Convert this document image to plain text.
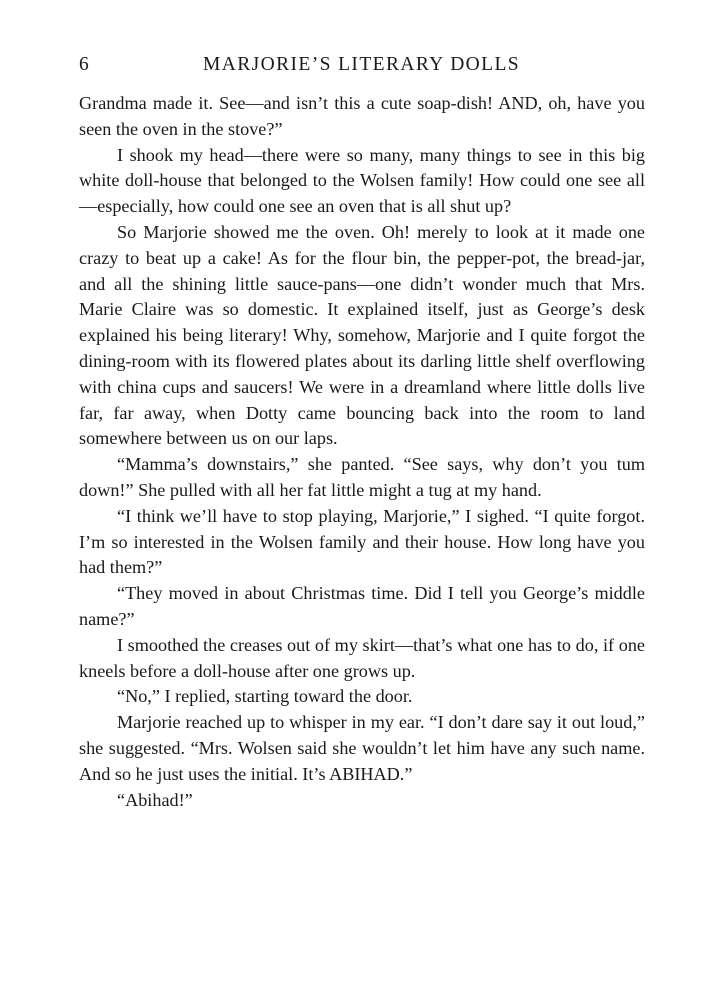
6	MARJORIE’S LITERARY DOLLS

Grandma made it. See—and isn’t this a cute soap-dish! AND, oh, have you seen the oven in the stove?”

I shook my head—there were so many, many things to see in this big white doll-house that belonged to the Wolsen family! How could one see all—especially, how could one see an oven that is all shut up?

So Marjorie showed me the oven. Oh! merely to look at it made one crazy to beat up a cake! As for the flour bin, the pepper-pot, the bread-jar, and all the shining little sauce-pans—one didn’t wonder much that Mrs. Marie Claire was so domestic. It explained itself, just as George’s desk explained his being literary! Why, somehow, Marjorie and I quite forgot the dining-room with its flowered plates about its darling little shelf overflowing with china cups and saucers! We were in a dreamland where little dolls live far, far away, when Dotty came bouncing back into the room to land somewhere between us on our laps.

“Mamma’s downstairs,” she panted. “See says, why don’t you tum down!” She pulled with all her fat little might a tug at my hand.

“I think we’ll have to stop playing, Marjorie,” I sighed. “I quite forgot. I’m so interested in the Wolsen family and their house. How long have you had them?”

“They moved in about Christmas time. Did I tell you George’s middle name?”

I smoothed the creases out of my skirt—that’s what one has to do, if one kneels before a doll-house after one grows up.

“No,” I replied, starting toward the door.

Marjorie reached up to whisper in my ear. “I don’t dare say it out loud,” she suggested. “Mrs. Wolsen said she wouldn’t let him have any such name. And so he just uses the initial. It’s ABIHAD.”

“Abihad!”
